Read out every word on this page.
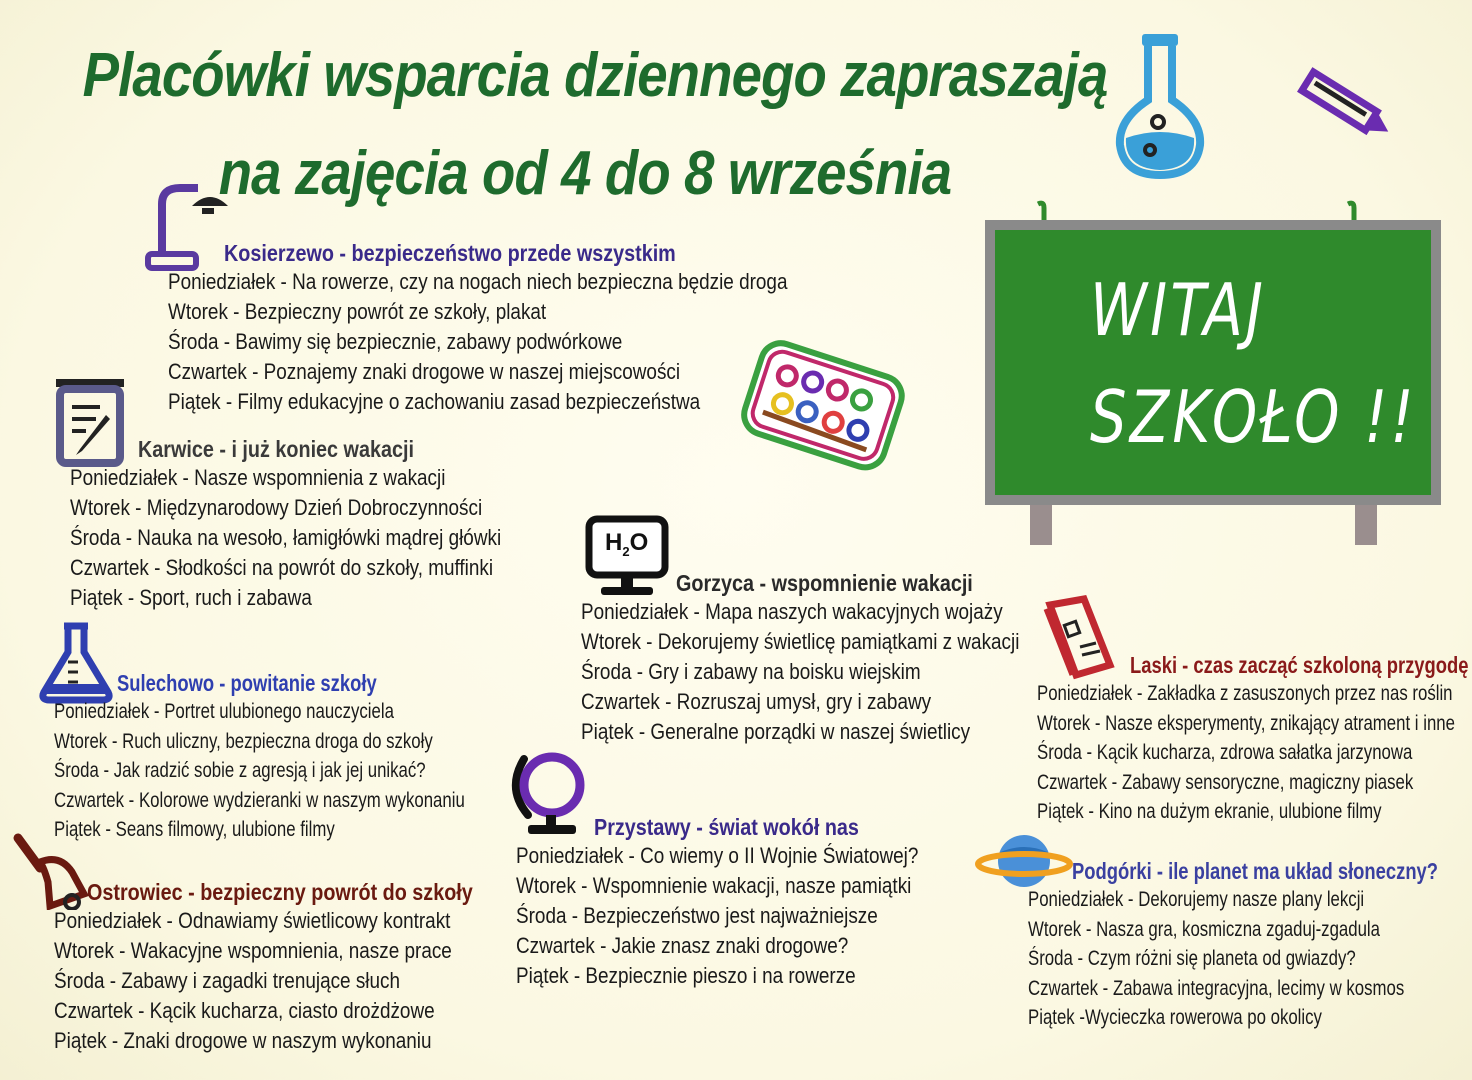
Placówki wsparcia dziennego zapraszają
na zajęcia od 4 do 8 września
$H_2O$
WITAJ
SZKOŁO !!
Kosierzewo - bezpieczeństwo przede wszystkim
Poniedziałek - Na rowerze, czy na nogach niech bezpieczna będzie droga
Wtorek - Bezpieczny powrót ze szkoły, plakat
Środa - Bawimy się bezpiecznie, zabawy podwórkowe
Czwartek - Poznajemy znaki drogowe w naszej miejscowości
Piątek - Filmy edukacyjne o zachowaniu zasad bezpieczeństwa
Karwice - i już koniec wakacji
Poniedziałek - Nasze wspomnienia z wakacji
Wtorek - Międzynarodowy Dzień Dobroczynności
Środa - Nauka na wesoło, łamigłówki mądrej główki
Czwartek - Słodkości na powrót do szkoły, muffinki
Piątek - Sport, ruch i zabawa
Sulechowo - powitanie szkoły
Poniedziałek - Portret ulubionego nauczyciela
Wtorek - Ruch uliczny, bezpieczna droga do szkoły
Środa - Jak radzić sobie z agresją i jak jej unikać?
Czwartek - Kolorowe wydzieranki w naszym wykonaniu
Piątek - Seans filmowy, ulubione filmy
Ostrowiec - bezpieczny powrót do szkoły
Poniedziałek - Odnawiamy świetlicowy kontrakt
Wtorek - Wakacyjne wspomnienia, nasze prace
Środa - Zabawy i zagadki trenujące słuch
Czwartek - Kącik kucharza, ciasto drożdżowe
Piątek - Znaki drogowe w naszym wykonaniu
Gorzyca - wspomnienie wakacji
Poniedziałek - Mapa naszych wakacyjnych wojaży
Wtorek - Dekorujemy świetlicę pamiątkami z wakacji
Środa - Gry i zabawy na boisku wiejskim
Czwartek - Rozruszaj umysł, gry i zabawy
Piątek - Generalne porządki w naszej świetlicy
Przystawy - świat wokół nas
Poniedziałek - Co wiemy o II Wojnie Światowej?
Wtorek - Wspomnienie wakacji, nasze pamiątki
Środa - Bezpieczeństwo jest najważniejsze
Czwartek - Jakie znasz znaki drogowe?
Piątek - Bezpiecznie pieszo i na rowerze
Laski - czas zacząć szkoloną przygodę
Poniedziałek - Zakładka z zasuszonych przez nas roślin
Wtorek - Nasze eksperymenty, znikający atrament i inne
Środa - Kącik kucharza, zdrowa sałatka jarzynowa
Czwartek - Zabawy sensoryczne, magiczny piasek
Piątek - Kino na dużym ekranie, ulubione filmy
Podgórki - ile planet ma układ słoneczny?
Poniedziałek - Dekorujemy nasze plany lekcji
Wtorek - Nasza gra, kosmiczna zgaduj-zgadula
Środa - Czym różni się planeta od gwiazdy?
Czwartek - Zabawa integracyjna, lecimy w kosmos
Piątek -Wycieczka rowerowa po okolicy
